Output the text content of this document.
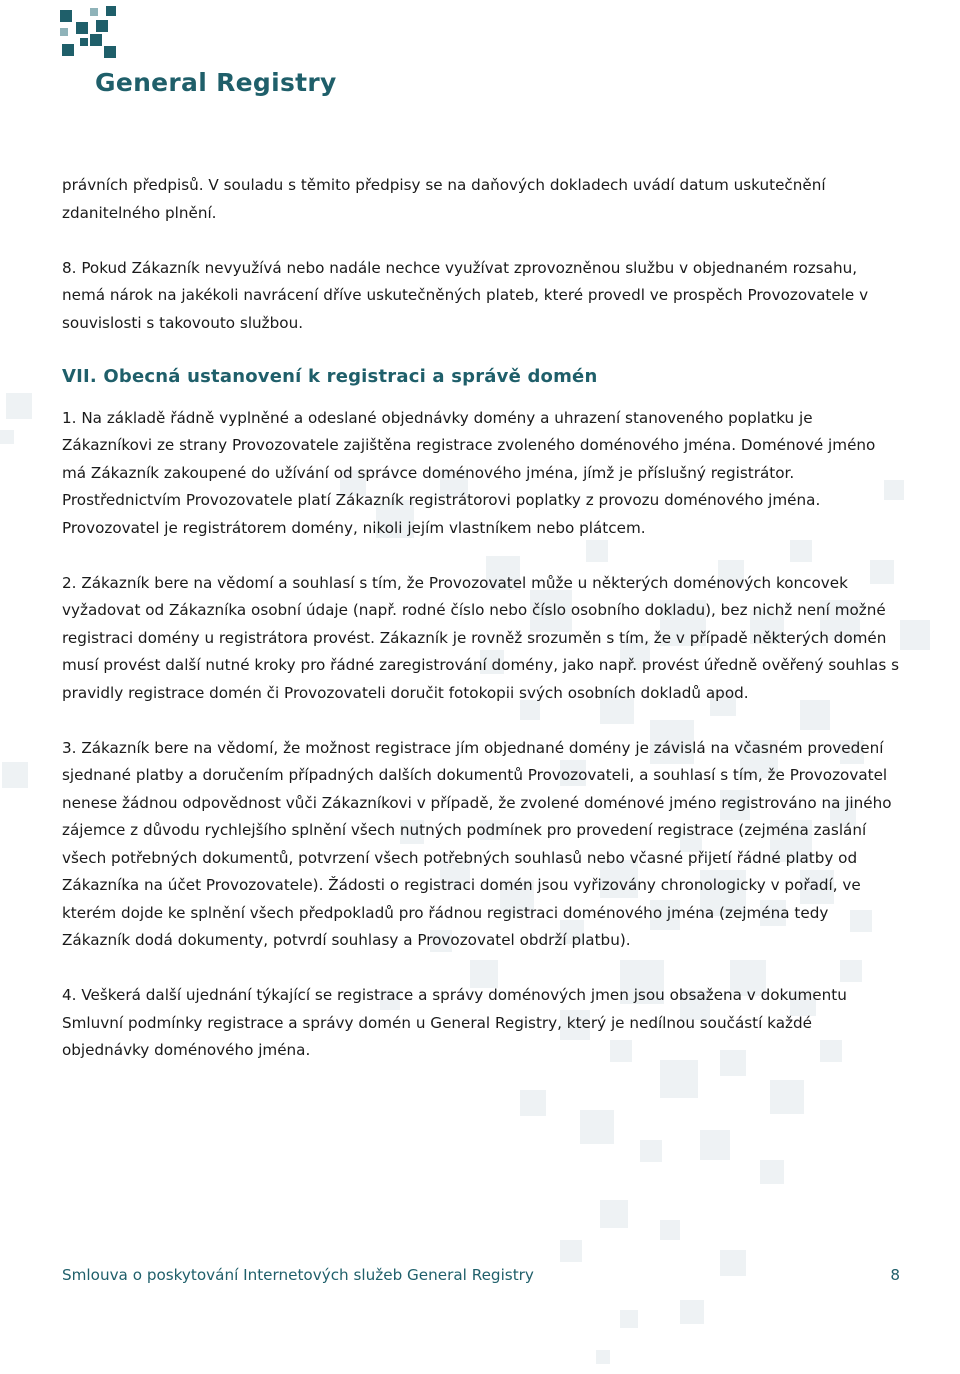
General Registry

právních předpisů. V souladu s těmito předpisy se na daňových dokladech uvádí datum uskutečnění zdanitelného plnění.

8. Pokud Zákazník nevyužívá nebo nadále nechce využívat zprovozněnou službu v objednaném rozsahu, nemá nárok na jakékoli navrácení dříve uskutečněných plateb, které provedl ve prospěch Provozovatele v souvislosti s takovouto službou.

VII. Obecná ustanovení k registraci a správě domén

1. Na základě řádně vyplněné a odeslané objednávky domény a uhrazení stanoveného poplatku je Zákazníkovi ze strany Provozovatele zajištěna registrace zvoleného doménového jména. Doménové jméno má Zákazník zakoupené do užívání od správce doménového jména, jímž je příslušný registrátor. Prostřednictvím Provozovatele platí Zákazník registrátorovi poplatky z provozu doménového jména. Provozovatel je registrátorem domény, nikoli jejím vlastníkem nebo plátcem.

2. Zákazník bere na vědomí a souhlasí s tím, že Provozovatel může u některých doménových koncovek vyžadovat od Zákazníka osobní údaje (např. rodné číslo nebo číslo osobního dokladu), bez nichž není možné registraci domény u registrátora provést. Zákazník je rovněž srozuměn s tím, že v případě některých domén musí provést další nutné kroky pro řádné zaregistrování domény, jako např. provést úředně ověřený souhlas s pravidly registrace domén či Provozovateli doručit fotokopii svých osobních dokladů apod.

3. Zákazník bere na vědomí, že možnost registrace jím objednané domény je závislá na včasném provedení sjednané platby a doručením případných dalších dokumentů Provozovateli, a souhlasí s tím, že Provozovatel nenese žádnou odpovědnost vůči Zákazníkovi v případě, že zvolené doménové jméno registrováno na jiného zájemce z důvodu rychlejšího splnění všech nutných podmínek pro provedení registrace (zejména zaslání všech potřebných dokumentů, potvrzení všech potřebných souhlasů nebo včasné přijetí řádné platby od Zákazníka na účet Provozovatele). Žádosti o registraci domén jsou vyřizovány chronologicky v pořadí, ve kterém dojde ke splnění všech předpokladů pro řádnou registraci doménového jména (zejména tedy Zákazník dodá dokumenty, potvrdí souhlasy a Provozovatel obdrží platbu).

4. Veškerá další ujednání týkající se registrace a správy doménových jmen jsou obsažena v dokumentu Smluvní podmínky registrace a správy domén u General Registry, který je nedílnou součástí každé objednávky doménového jména.

Smlouva o poskytování Internetových služeb General Registry	8
